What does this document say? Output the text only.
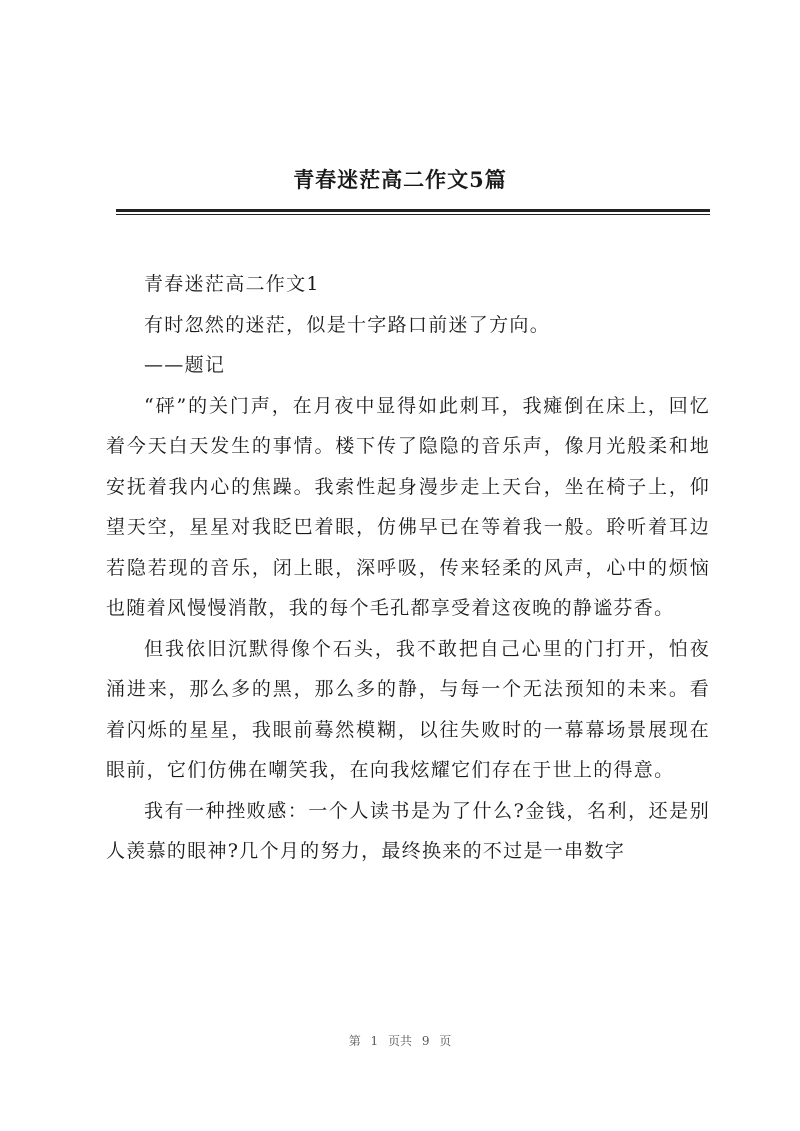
青春迷茫高二作文5篇

青春迷茫高二作文1

有时忽然的迷茫，似是十字路口前迷了方向。

——题记

“砰”的关门声，在月夜中显得如此刺耳，我瘫倒在床上，回忆着今天白天发生的事情。楼下传了隐隐的音乐声，像月光般柔和地安抚着我内心的焦躁。我索性起身漫步走上天台，坐在椅子上，仰望天空，星星对我眨巴着眼，仿佛早已在等着我一般。聆听着耳边若隐若现的音乐，闭上眼，深呼吸，传来轻柔的风声，心中的烦恼也随着风慢慢消散，我的每个毛孔都享受着这夜晚的静谧芬香。

但我依旧沉默得像个石头，我不敢把自己心里的门打开，怕夜涌进来，那么多的黑，那么多的静，与每一个无法预知的未来。看着闪烁的星星，我眼前蓦然模糊，以往失败时的一幕幕场景展现在眼前，它们仿佛在嘲笑我，在向我炫耀它们存在于世上的得意。

我有一种挫败感：一个人读书是为了什么?金钱，名利，还是别人羡慕的眼神?几个月的努力，最终换来的不过是一串数字

第 1 页共 9 页
